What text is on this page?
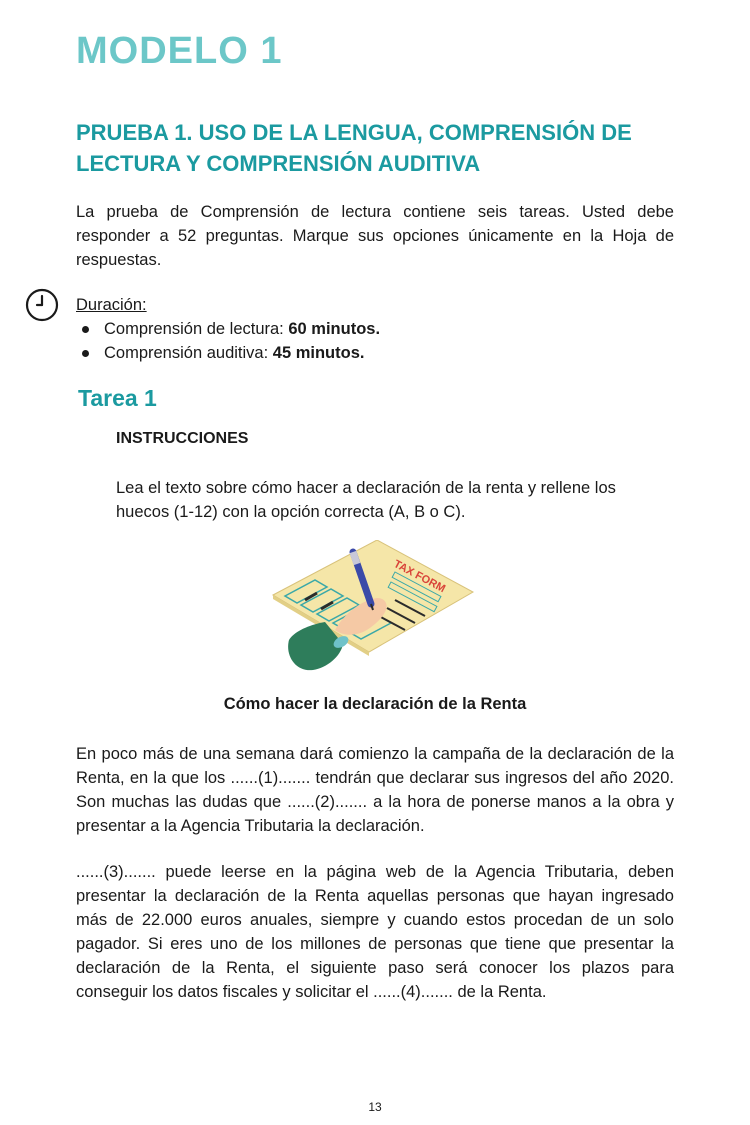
MODELO 1
PRUEBA 1. USO DE LA LENGUA, COMPRENSIÓN DE LECTURA Y COMPRENSIÓN AUDITIVA

La prueba de Comprensión de lectura contiene seis tareas. Usted debe responder a 52 preguntas. Marque sus opciones únicamente en la Hoja de respuestas.

Duración:
Comprensión de lectura: 60 minutos.
Comprensión auditiva: 45 minutos.
Tarea 1
INSTRUCCIONES

Lea el texto sobre cómo hacer a declaración de la renta y rellene los huecos (1-12) con la opción correcta (A, B o C).

TAX FORM
Cómo hacer la declaración de la Renta

En poco más de una semana dará comienzo la campaña de la declaración de la Renta, en la que los ......(1)....... tendrán que declarar sus ingresos del año 2020. Son muchas las dudas que ......(2)....... a la hora de ponerse manos a la obra y presentar a la Agencia Tributaria la declaración.

......(3)....... puede leerse en la página web de la Agencia Tributaria, deben presentar la declaración de la Renta aquellas personas que hayan ingresado más de 22.000 euros anuales, siempre y cuando estos procedan de un solo pagador. Si eres uno de los millones de personas que tiene que presentar la declaración de la Renta, el siguiente paso será conocer los plazos para conseguir los datos fiscales y solicitar el ......(4)....... de la Renta.

13
